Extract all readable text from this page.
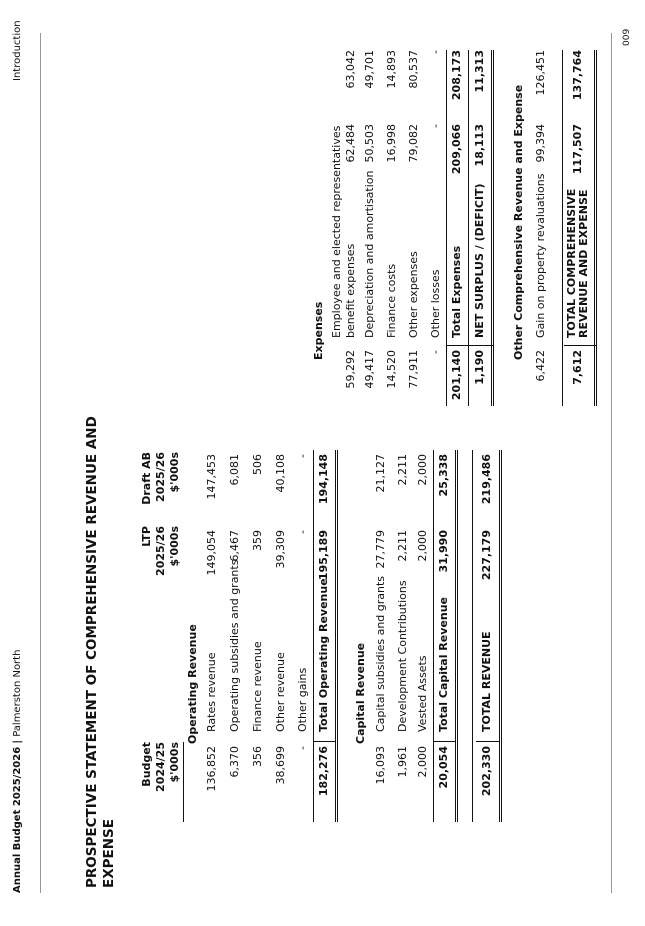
Annual Budget 2025/2026 | Palmerston North
Introduction	009
PROSPECTIVE STATEMENT OF COMPREHENSIVE REVENUE AND EXPENSE
Budget 2024/25 $'000s
LTP 2025/26 $'000s
Draft AB 2025/26 $'000s
Operating Revenue
136,852
Rates revenue
149,054
147,453
6,370
Operating subsidies and grants
6,467
6,081
356
Finance revenue
359
506
38,699
Other revenue
39,309
40,108
-
Other gains
-
-
182,276
Total Operating Revenue
195,189
194,148
Capital Revenue
16,093
Capital subsidies and grants
27,779
21,127
1,961
Development Contributions
2,211
2,211
2,000
Vested Assets
2,000
2,000
20,054
Total Capital Revenue
31,990
25,338
202,330
TOTAL REVENUE
227,179
219,486
Expenses
59,292
Employee and elected representatives benefit expenses
62,484
63,042
49,417
Depreciation and amortisation
50,503
49,701
14,520
Finance costs
16,998
14,893
77,911
Other expenses
79,082
80,537
-
Other losses
-
-
201,140
Total Expenses
209,066
208,173
1,190
NET SURPLUS / (DEFICIT)
18,113
11,313
Other Comprehensive Revenue and Expense
6,422
Gain on property revaluations
99,394
126,451
7,612
TOTAL COMPREHENSIVE REVENUE AND EXPENSE
117,507
137,764
